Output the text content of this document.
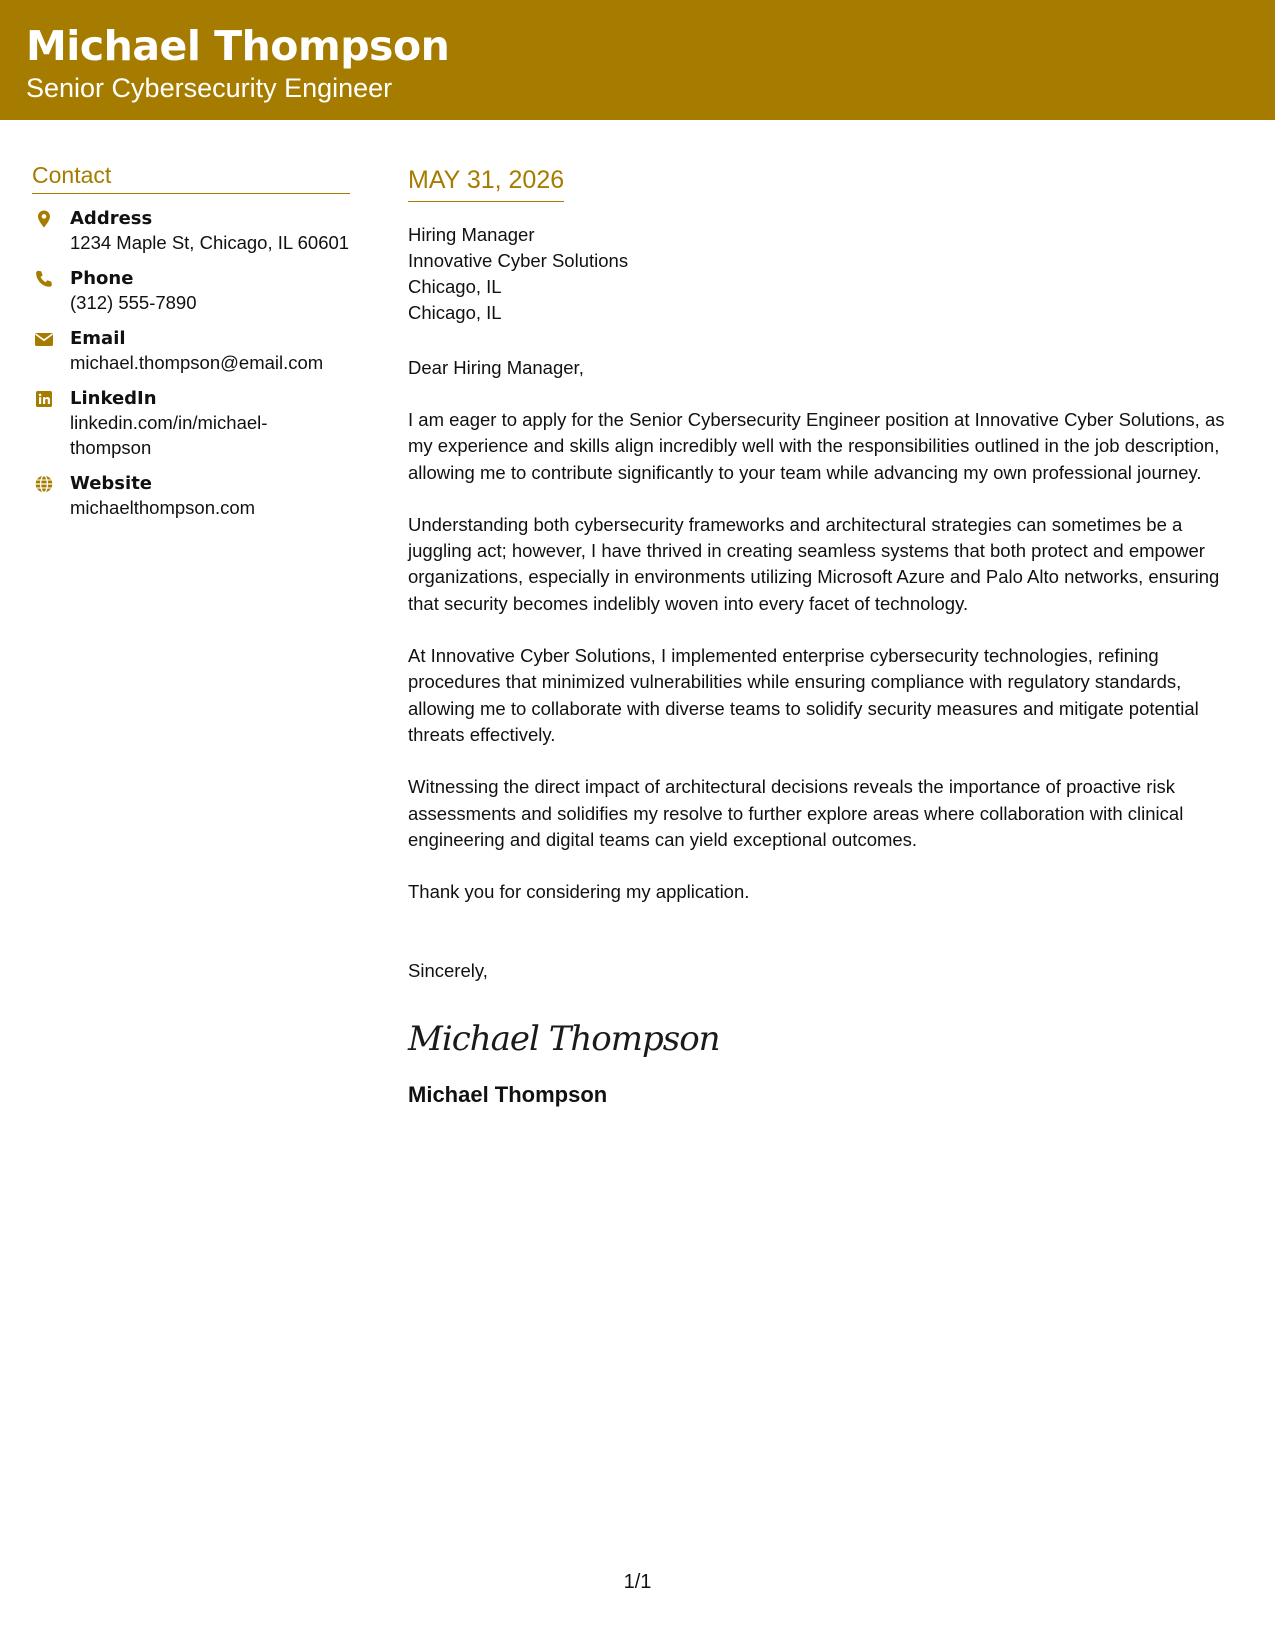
Michael Thompson
Senior Cybersecurity Engineer
Contact
Address
1234 Maple St, Chicago, IL 60601
Phone
(312) 555-7890
Email
michael.thompson@email.com
LinkedIn
linkedin.com/in/michael-
thompson
Website
michaelthompson.com
MAY 31, 2026
Hiring Manager
Innovative Cyber Solutions
Chicago, IL
Chicago, IL
Dear Hiring Manager,
I am eager to apply for the Senior Cybersecurity Engineer position at Innovative Cyber Solutions, as my experience and skills align incredibly well with the responsibilities outlined in the job description, allowing me to contribute significantly to your team while advancing my own professional journey.
Understanding both cybersecurity frameworks and architectural strategies can sometimes be a juggling act; however, I have thrived in creating seamless systems that both protect and empower organizations, especially in environments utilizing Microsoft Azure and Palo Alto networks, ensuring that security becomes indelibly woven into every facet of technology.
At Innovative Cyber Solutions, I implemented enterprise cybersecurity technologies, refining procedures that minimized vulnerabilities while ensuring compliance with regulatory standards, allowing me to collaborate with diverse teams to solidify security measures and mitigate potential threats effectively.
Witnessing the direct impact of architectural decisions reveals the importance of proactive risk assessments and solidifies my resolve to further explore areas where collaboration with clinical engineering and digital teams can yield exceptional outcomes.
Thank you for considering my application.
Sincerely,
Michael Thompson
Michael Thompson
1/1
